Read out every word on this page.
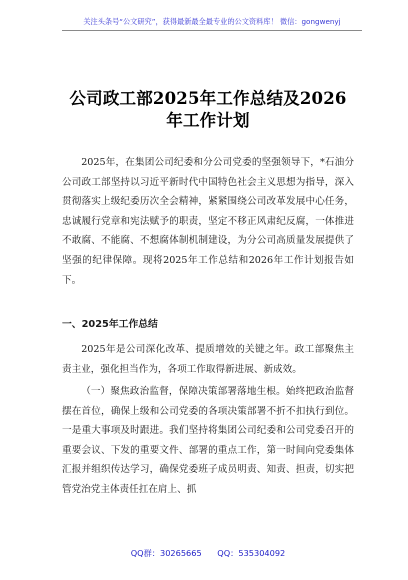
关注头条号“公文研究”，获得最新最全最专业的公文资料库！ 微信：gongwenyj
公司政工部2025年工作总结及2026年工作计划
2025年，在集团公司纪委和分公司党委的坚强领导下，*石油分公司政工部坚持以习近平新时代中国特色社会主义思想为指导，深入贯彻落实上级纪委历次全会精神，紧紧围绕公司改革发展中心任务，忠诚履行党章和宪法赋予的职责，坚定不移正风肃纪反腐，一体推进不敢腐、不能腐、不想腐体制机制建设，为分公司高质量发展提供了坚强的纪律保障。现将2025年工作总结和2026年工作计划报告如下。
一、2025年工作总结
2025年是公司深化改革、提质增效的关键之年。政工部聚焦主责主业，强化担当作为，各项工作取得新进展、新成效。
（一）聚焦政治监督，保障决策部署落地生根。始终把政治监督摆在首位，确保上级和公司党委的各项决策部署不折不扣执行到位。一是重大事项及时跟进。我们坚持将集团公司纪委和公司党委召开的重要会议、下发的重要文件、部署的重点工作，第一时间向党委集体汇报并组织传达学习，确保党委班子成员明责、知责、担责，切实把管党治党主体责任扛在肩上、抓
QQ群：30265665      QQ：535304092
